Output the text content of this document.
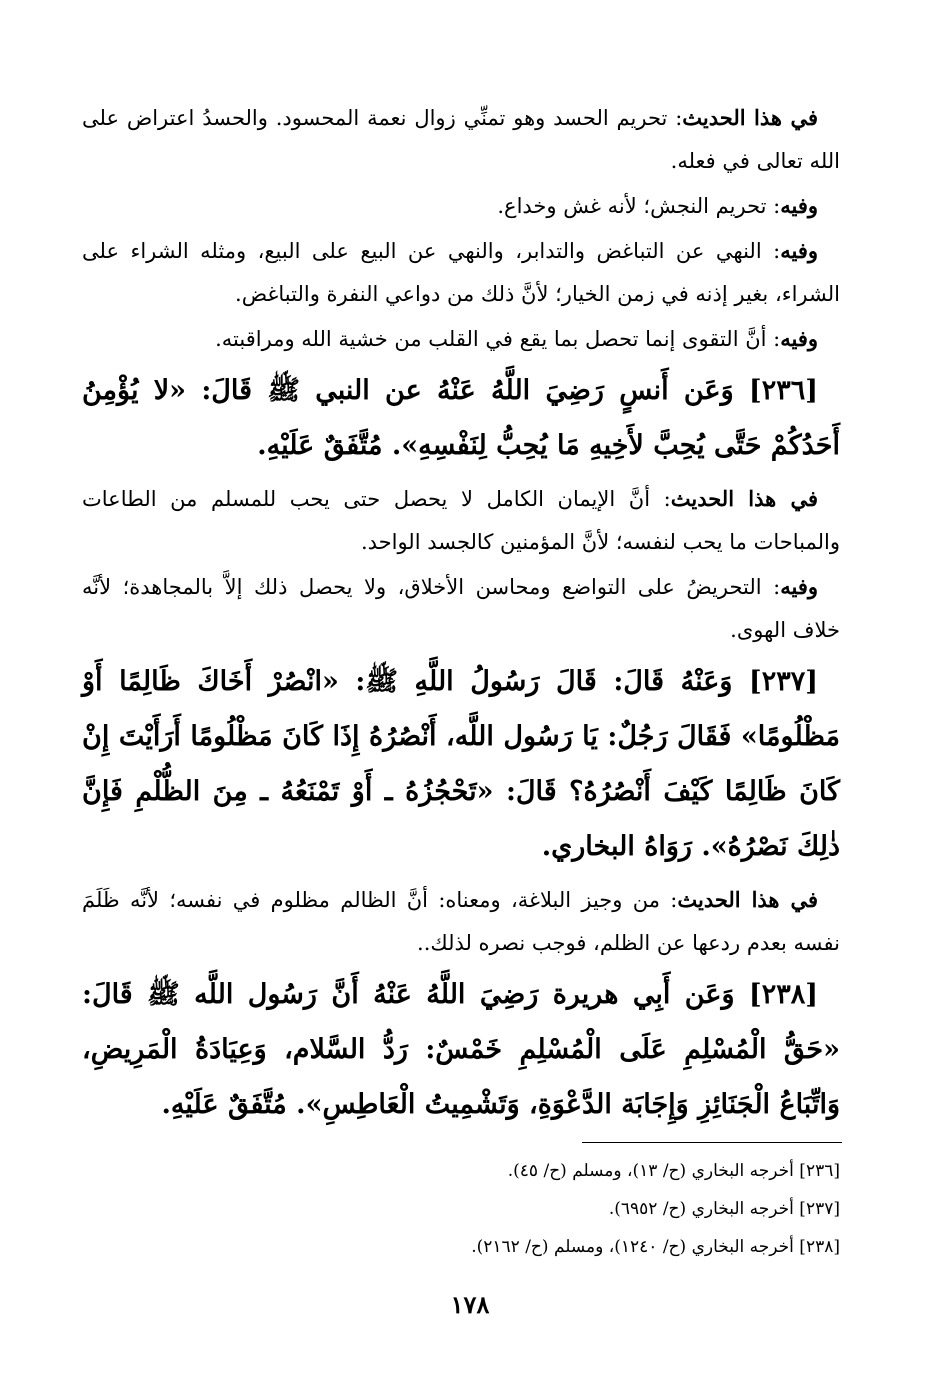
في هذا الحديث: تحريم الحسد وهو تمنِّي زوال نعمة المحسود. والحسدُ اعتراض على الله تعالى في فعله.

وفيه: تحريم النجش؛ لأنه غش وخداع.

وفيه: النهي عن التباغض والتدابر، والنهي عن البيع على البيع، ومثله الشراء على الشراء، بغير إذنه في زمن الخيار؛ لأنَّ ذلك من دواعي النفرة والتباغض.

وفيه: أنَّ التقوى إنما تحصل بما يقع في القلب من خشية الله ومراقبته.

[٢٣٦] وَعَن أَنسٍ رَضِيَ اللَّهُ عَنْهُ عن النبي ﷺ قَالَ: «لا يُؤْمِنُ أَحَدُكُمْ حَتَّى يُحِبَّ لأَخِيهِ مَا يُحِبُّ لِنَفْسِهِ». مُتَّفَقٌ عَلَيْهِ.

في هذا الحديث: أنَّ الإيمان الكامل لا يحصل حتى يحب للمسلم من الطاعات والمباحات ما يحب لنفسه؛ لأنَّ المؤمنين كالجسد الواحد.

وفيه: التحريضُ على التواضع ومحاسن الأخلاق، ولا يحصل ذلك إلاَّ بالمجاهدة؛ لأنَّه خلاف الهوى.

[٢٣٧] وَعَنْهُ قَالَ: قَالَ رَسُولُ اللَّهِ ﷺ: «انْصُرْ أَخَاكَ ظَالِمًا أَوْ مَظْلُومًا» فَقَالَ رَجُلٌ: يَا رَسُول اللَّه، أَنْصُرُهُ إِذَا كَانَ مَظْلُومًا أَرَأَيْتَ إِنْ كَانَ ظَالِمًا كَيْفَ أَنْصُرُهُ؟ قَالَ: «تَحْجُزُهُ ـ أَوْ تَمْنَعُهُ ـ مِنَ الظُّلْمِ فَإِنَّ ذٰلِكَ نَصْرُهُ». رَوَاهُ البخاري.

في هذا الحديث: من وجيز البلاغة، ومعناه: أنَّ الظالم مظلوم في نفسه؛ لأنَّه ظَلَمَ نفسه بعدم ردعها عن الظلم، فوجب نصره لذلك..

[٢٣٨] وَعَن أَبِي هريرة رَضِيَ اللَّهُ عَنْهُ أَنَّ رَسُول اللَّه ﷺ قَالَ: «حَقُّ الْمُسْلِمِ عَلَى الْمُسْلِمِ خَمْسٌ: رَدُّ السَّلام، وَعِيَادَةُ الْمَرِيضِ، وَاتِّبَاعُ الْجَنَائِزِ وَإِجَابَة الدَّعْوَةِ، وَتَشْمِيتُ الْعَاطِسِ». مُتَّفَقٌ عَلَيْهِ.

[٢٣٦] أخرجه البخاري (ح/ ١٣)، ومسلم (ح/ ٤٥).

[٢٣٧] أخرجه البخاري (ح/ ٦٩٥٢).

[٢٣٨] أخرجه البخاري (ح/ ١٢٤٠)، ومسلم (ح/ ٢١٦٢).

١٧٨
